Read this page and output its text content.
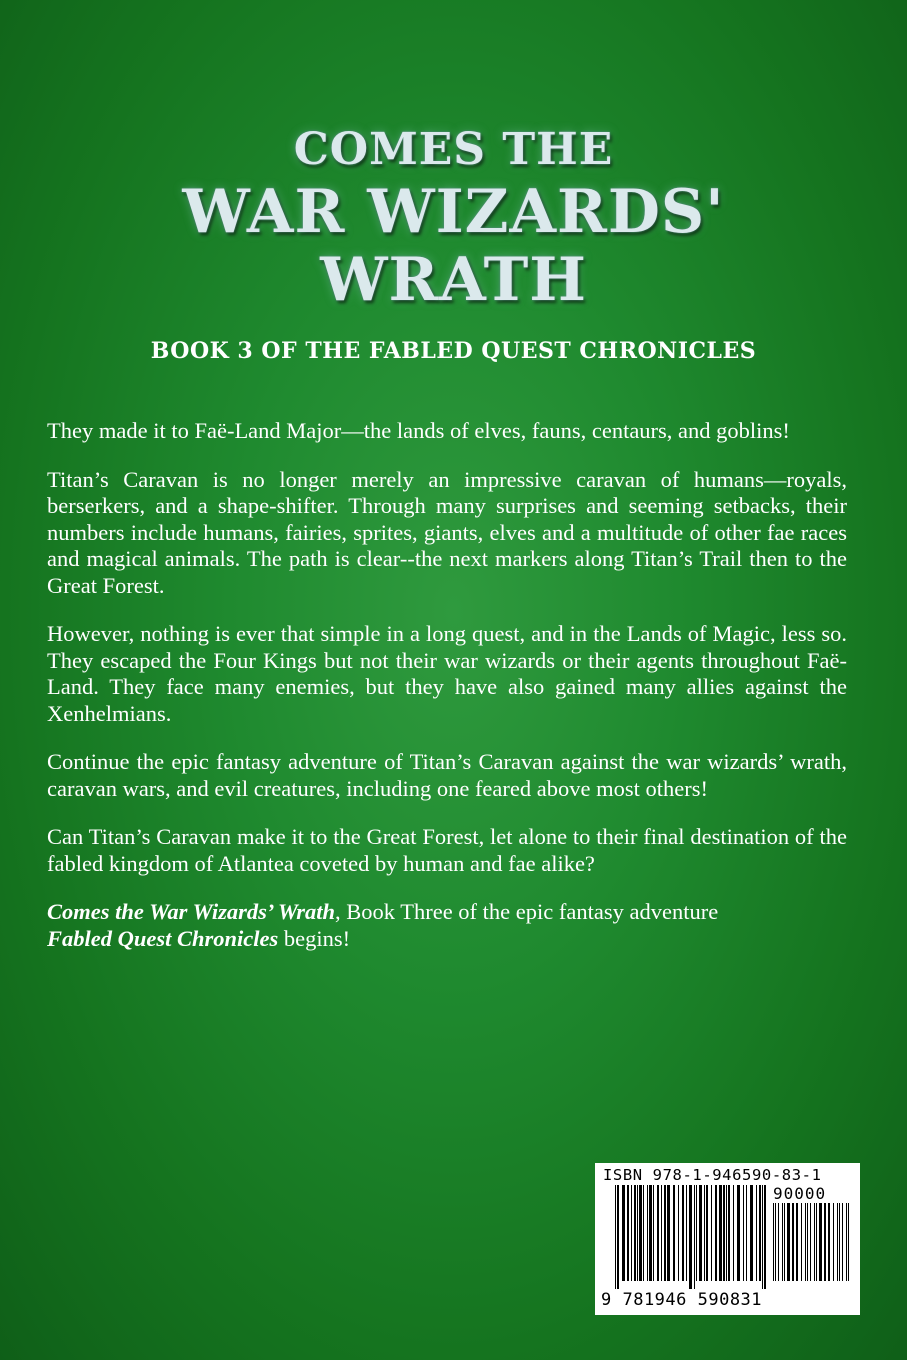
COMES THE
WAR WIZARDS'
WRATH
BOOK 3 OF THE FABLED QUEST CHRONICLES

They made it to Faë-Land Major—the lands of elves, fauns, centaurs, and goblins!

Titan’s Caravan is no longer merely an impressive caravan of humans—royals, berserkers, and a shape-shifter. Through many surprises and seeming setbacks, their numbers include humans, fairies, sprites, giants, elves and a multitude of other fae races and magical animals. The path is clear--the next markers along Titan’s Trail then to the Great Forest.

However, nothing is ever that simple in a long quest, and in the Lands of Magic, less so. They escaped the Four Kings but not their war wizards or their agents throughout Faë-Land. They face many enemies, but they have also gained many allies against the Xenhelmians.

Continue the epic fantasy adventure of Titan’s Caravan against the war wizards’ wrath, caravan wars, and evil creatures, including one feared above most others!

Can Titan’s Caravan make it to the Great Forest, let alone to their final destination of the fabled kingdom of Atlantea coveted by human and fae alike?

Comes the War Wizards’ Wrath, Book Three of the epic fantasy adventure
Fabled Quest Chronicles begins!

ISBN 978-1-946590-83-1
90000
9 781946 590831
